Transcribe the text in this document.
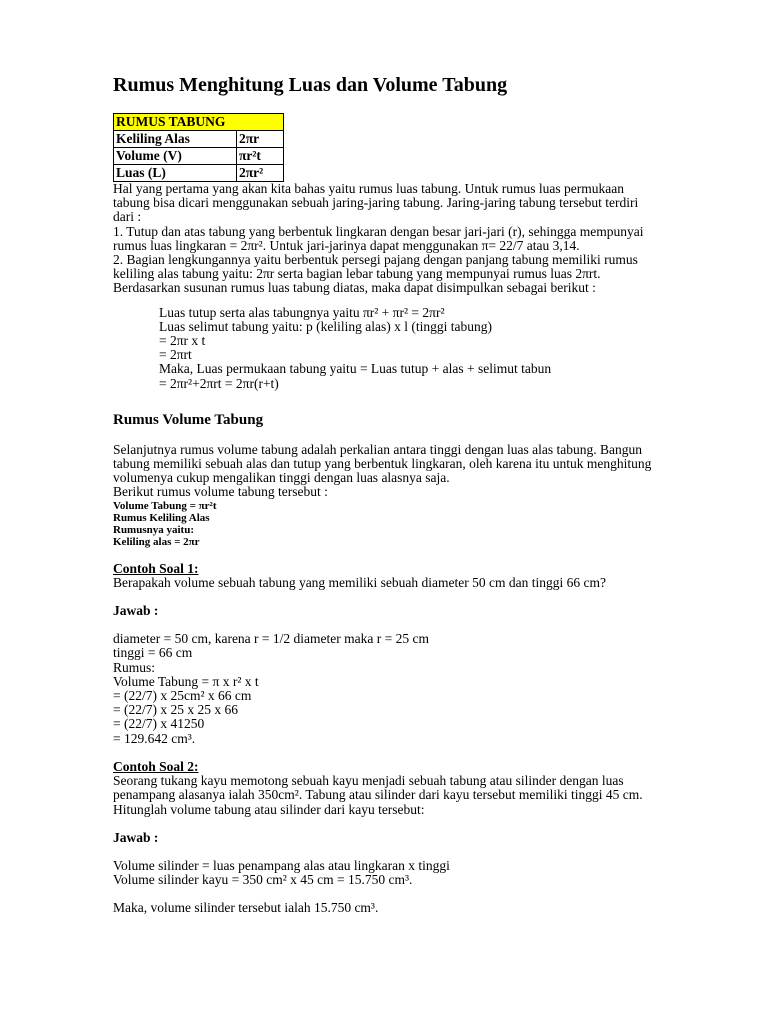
Rumus Menghitung Luas dan Volume Tabung
RUMUS TABUNG	
Keliling Alas	2πr
Volume (V)	πr²t
Luas (L)	2πr²

Hal yang pertama yang akan kita bahas yaitu rumus luas tabung. Untuk rumus luas permukaan tabung bisa dicari menggunakan sebuah jaring-jaring tabung. Jaring-jaring tabung tersebut terdiri dari :

1. Tutup dan atas tabung yang berbentuk lingkaran dengan besar jari-jari (r), sehingga mempunyai rumus luas lingkaran = 2πr². Untuk jari-jarinya dapat menggunakan π= 22/7 atau 3,14.

2. Bagian lengkungannya yaitu berbentuk persegi pajang dengan panjang tabung memiliki rumus keliling alas tabung yaitu: 2πr serta bagian lebar tabung yang mempunyai rumus luas 2πrt.

Berdasarkan susunan rumus luas tabung diatas, maka dapat disimpulkan sebagai berikut :

Luas tutup serta alas tabungnya yaitu πr² + πr² = 2πr²

Luas selimut tabung yaitu: p (keliling alas) x l (tinggi tabung)

= 2πr x t

= 2πrt

Maka, Luas permukaan tabung yaitu = Luas tutup + alas + selimut tabun

= 2πr²+2πrt = 2πr(r+t)

Rumus Volume Tabung

Selanjutnya rumus volume tabung adalah perkalian antara tinggi dengan luas alas tabung. Bangun tabung memiliki sebuah alas dan tutup yang berbentuk lingkaran, oleh karena itu untuk menghitung volumenya cukup mengalikan tinggi dengan luas alasnya saja.

Berikut rumus volume tabung tersebut :

Volume Tabung = πr²t

Rumus Keliling Alas

Rumusnya yaitu:

Keliling alas = 2πr

Contoh Soal 1:

Berapakah volume sebuah tabung yang memiliki sebuah diameter 50 cm dan tinggi 66 cm?

Jawab :

diameter = 50 cm, karena r = 1/2 diameter maka r = 25 cm

tinggi = 66 cm

Rumus:

Volume Tabung = π x r² x t

= (22/7) x 25cm² x 66 cm

= (22/7) x 25 x 25 x 66

= (22/7) x 41250

= 129.642 cm³.

Contoh Soal 2:

Seorang tukang kayu memotong sebuah kayu menjadi sebuah tabung atau silinder dengan luas penampang alasanya ialah 350cm². Tabung atau silinder dari kayu tersebut memiliki tinggi 45 cm. Hitunglah volume tabung atau silinder dari kayu tersebut:

Jawab :

Volume silinder = luas penampang alas atau lingkaran x tinggi

Volume silinder kayu = 350 cm² x 45 cm = 15.750 cm³.

Maka, volume silinder tersebut ialah 15.750 cm³.
